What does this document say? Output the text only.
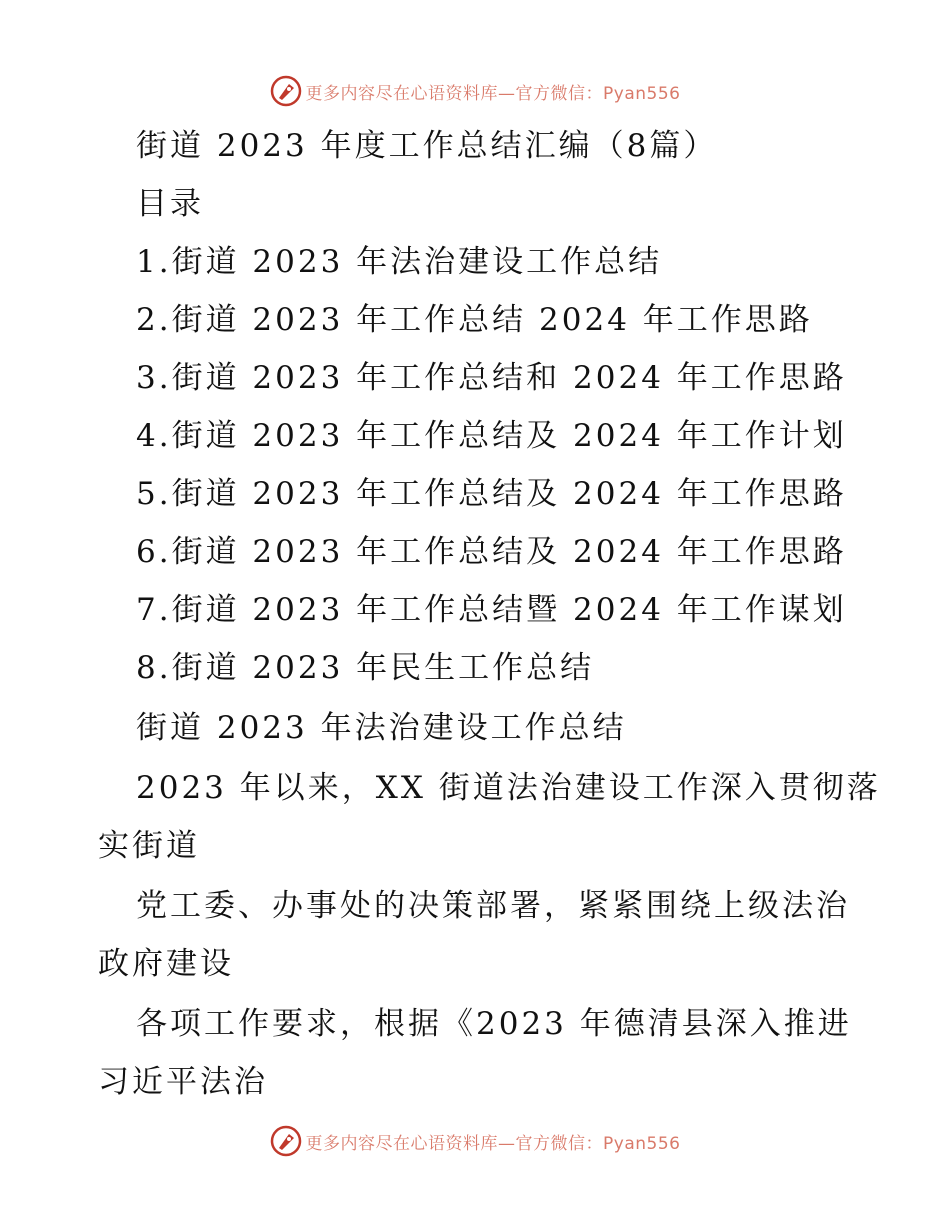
更多内容尽在心语资料库—官方微信：Pyan556
街道 2023 年度工作总结汇编（8篇）
目录
1.街道 2023 年法治建设工作总结
2.街道 2023 年工作总结 2024 年工作思路
3.街道 2023 年工作总结和 2024 年工作思路
4.街道 2023 年工作总结及 2024 年工作计划
5.街道 2023 年工作总结及 2024 年工作思路
6.街道 2023 年工作总结及 2024 年工作思路
7.街道 2023 年工作总结暨 2024 年工作谋划
8.街道 2023 年民生工作总结
街道 2023 年法治建设工作总结
2023 年以来，XX 街道法治建设工作深入贯彻落
实街道
党工委、办事处的决策部署，紧紧围绕上级法治
政府建设
各项工作要求，根据《2023 年德清县深入推进
习近平法治
更多内容尽在心语资料库—官方微信：Pyan556
